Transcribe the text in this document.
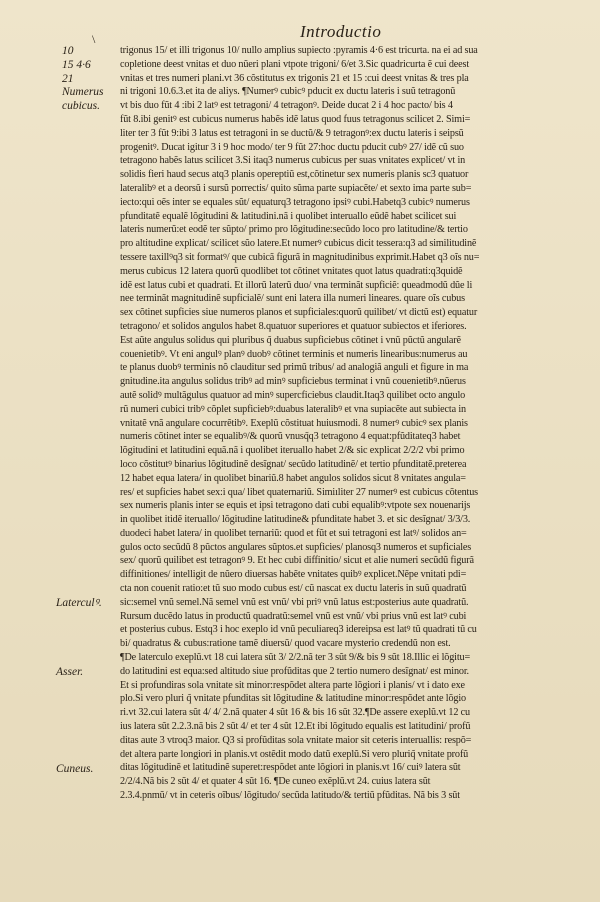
Introductio
\
10
15 4·6
21
Numerus
cubicus.
Laterculꝰ.
Asser.
Cuneus.
trigonus 15/ et illi trigonus 10/ nullo amplius supiecto :pyramis 4·6 est tricurta. na ei ad sua
copletione deest vnitas et duo nũeri plani vtpote trigoni/ 6/et 3.Sic quadricurta ẽ cui deest
vnitas et tres numeri plani.vt 36 cõstitutus ex trigonis 21 et 15 :cui deest vnitas & tres pla
ni trigoni 10.6.3.et ita de aliys. ¶Numerꝰ cubicꝰ pducit ex ductu lateris i suũ tetragonũ
vt bis duo fũt 4 :ibi 2 latꝰ est tetragoni/ 4 tetragonꝰ. Deide ducat 2 i 4 hoc pacto/ bis 4
fũt 8.ibi genitꝰ est cubicus numerus habẽs idẽ latus quod fuus tetragonus scilicet 2. Simi=
liter ter 3 fũt 9:ibi 3 latus est tetragoni in se ductũ/& 9 tetragonꝰ:ex ductu lateris i seipsũ
progenitꝰ. Ducat igitur 3 i 9 hoc modo/ ter 9 fũt 27:hoc ductu pducit cubꝰ 27/ idẽ cũ suo
tetragono habẽs latus scilicet 3.Si itaq3 numerus cubicus per suas vnitates explicet/ vt in
solidis fieri haud secus atq3 planis opereptiũ est,cõtinetur sex numeris planis sc3 quatuor
lateralibꝰ et a deorsũ i sursũ porrectis/ quito sũma parte supiacẽte/ et sexto ima parte sub=
iecto:qui oẽs inter se equales sũt/ equaturq3 tetragono ipsiꝰ cubi.Habetq3 cubicꝰ numerus
pfunditatẽ equalẽ lõgitudini & latitudini.nã i quolibet interuallo eũdẽ habet scilicet sui
lateris numerũ:et eodẽ ter sũpto/ primo pro lõgitudine:secũdo loco pro latitudine/& tertio
pro altitudine explicat/ scilicet sũo latere.Et numerꝰ cubicus dicit tessera:q3 ad similitudinẽ
tessere taxillꝰq3 sit formatꝰ/ que cubicã figurã in magnitudinibus exprimit.Habet q3 oĩs nu=
merus cubicus 12 latera quorũ quodlibet tot cõtinet vnitates quot latus quadrati:q3quidẽ
idẽ est latus cubi et quadrati. Et illorũ laterũ duo/ vna terminãt supficiẽ: queadmodũ dũe li
nee terminãt magnitudinẽ supficialẽ/ sunt eni latera illa numeri lineares. quare oĩs cubus
sex cõtinet supficies siue numeros planos et supficiales:quorũ quilibet/ vt dictũ est) equatur
tetragono/ et solidos angulos habet 8.quatuor superiores et quatuor subiectos et iferiores.
Est aũte angulus solidus qui pluribus q̃ duabus supficiebus cõtinet i vnũ pũctũ angularẽ
couenietibꝰ. Vt eni angulꝰ planꝰ duobꝰ cõtinet terminis et numeris linearibus:numerus au
te planus duobꝰ terminis nõ clauditur sed primũ tribus/ ad analogiã anguli et figure in ma
gnitudine.ita angulus solidus tribꝰ ad minꝰ supficiebus terminat i vnũ couenietibꝰ.nũerus
autẽ solidꝰ multãgulus quatuor ad minꝰ supercficiebus claudit.Itaq3 quilibet octo angulo
rũ numeri cubici tribꝰ cõplet supficiebꝰ:duabus lateralibꝰ et vna supiacẽte aut subiecta in
vnitatẽ vnã angulare cocurrẽtibꝰ. Exeplũ cõstituat huiusmodi. 8 numerꝰ cubicꝰ sex planis
numeris cõtinet inter se equalibꝰ/& quorũ vnusq̃q3 tetragono 4 equat:pfũditateq3 habet
lõgitudini et latitudini equã.nã i quolibet iteruallo habet 2/& sic explicat 2/2/2 vbi primo
loco cõstitutꝰ binarius lõgitudinẽ desĩgnat/ secũdo latitudinẽ/ et tertio pfunditatẽ.preterea
12 habet equa latera/ in quolibet binariũ.8 habet angulos solidos sicut 8 vnitates angula=
res/ et supficies habet sex:i qua/ libet quaternariũ. Simiıliter 27 numerꝰ est cubicus cõtentus
sex numeris planis inter se equis et ipsi tetragono dati cubi equalibꝰ:vtpote sex nouenarijs
in quolibet itidẽ iteruallo/ lõgitudine latitudine& pfunditate habet 3. et sic desĩgnat/ 3/3/3.
duodeci habet latera/ in quolibet ternariũ: quod et fũt et sui tetragoni est latꝰ/ solidos an=
gulos octo secũdũ 8 pũctos angulares sũptos.et supficies/ planosq3 numeros et supficiales
sex/ quorũ quilibet est tetragonꝰ 9. Et hec cubi diffinitio/ sicut et alie numeri secũdũ figurã
diffinitiones/ intelligit de nũero diuersas habẽte vnitates quibꝰ explicet.Nẽpe vnitati pdi=
cta non couenit ratio:et tũ suo modo cubus est/ cũ nascat ex ductu lateris in suũ quadratũ
sic:semel vnũ semel.Nã semel vnũ est vnũ/ vbi priꝰ vnũ latus est:posterius aute quadratũ.
Rursum ducẽdo latus in productũ quadratũ:semel vnũ est vnũ/ vbi prius vnũ est latꝰ cubi
et posterius cubus. Estq3 i hoc exeplo id vnũ peculiareq3 idereipsa est latꝰ tũ quadrati tũ cu
bi/ quadratus & cubus:ratione tamẽ diuersũ/ quod vacare mysterio credendũ non est.
¶De laterculo exeplũ.vt 18 cui latera sũt 3/ 2/2.nã ter 3 sũt 9/& bis 9 sũt 18.Illic ei lõgitu=
do latitudini est equa:sed altitudo siue profũditas que 2 tertio numero desĩgnat/ est minor.
Et si profundiras sola vnitate sit minor:respõdet altera parte lõgiori i planis/ vt i dato exe
plo.Si vero pluri q̃ vnitate pfunditas sit lõgitudine & latitudine minor:respõdet ante lõgio
ri.vt 32.cui latera sũt 4/ 4/ 2.nã quater 4 sũt 16 & bis 16 sũt 32.¶De assere exeplũ.vt 12 cu
ius latera sũt 2.2.3.nã bis 2 sũt 4/ et ter 4 sũt 12.Et ibi lõgitudo equalis est latitudini/ profũ
ditas aute 3 vtroq3 maior. Q3 si profũditas sola vnitate maior sit ceteris interuallis: respõ=
det altera parte longiori in planis.vt ostẽdit modo datũ exeplũ.Si vero pluriq̃ vnitate profũ
ditas lõgitudinẽ et latitudinẽ superet:respõdet ante lõgiori in planis.vt 16/ cuiꝰ latera sũt
2/2/4.Nã bis 2 sũt 4/ et quater 4 sũt 16. ¶De cuneo exẽplũ.vt 24. cuius latera sũt
2.3.4.pnmũ/ vt in ceteris oĩbus/ lõgitudo/ secũda latitudo/& tertiũ pfũditas. Nã bis 3 sũt
